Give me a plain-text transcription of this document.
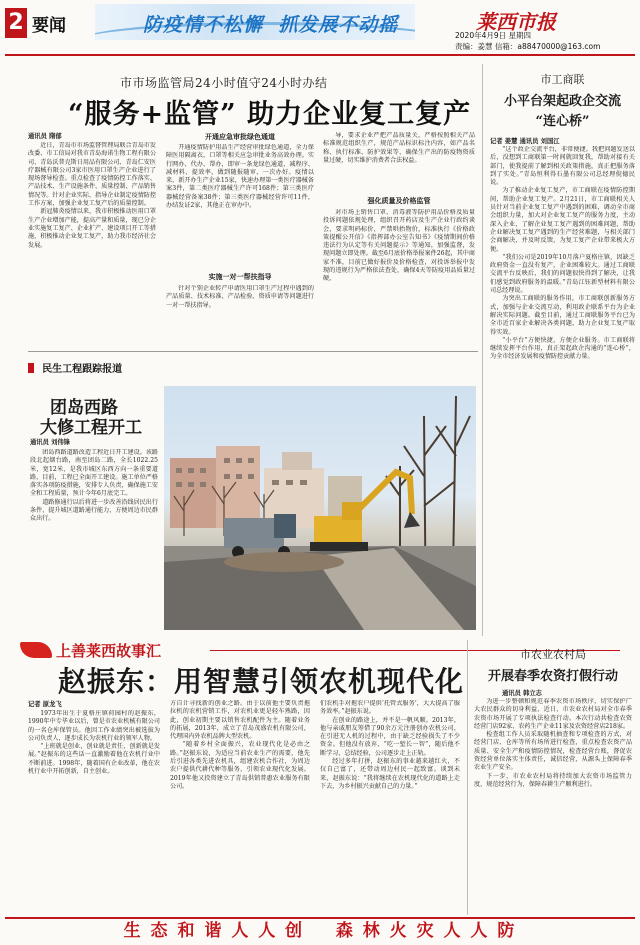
2 要闻	防疫情不松懈  抓发展不动摇	莱西市报
2020年4月9日 星期四
责编：姜慧 信箱：a88470000@163.com
市市场监管局24小时值守24小时办结
“服务+监管” 助力企业复工复产
通讯员 隋郁

近日，青岛市市场监督管理局联合青岛市发改委、市工信局对我市青岛海诺生物工程有限公司、青岛沃普克斯日用品有限公司、青岛仁安医疗器械有限公司3家市医用口罩生产企业进行了现场督导检查。重点检查了疫情防控工作落实、产品技术、生产设施条件、质量控制、产品销售情况等。针对企业实际，指导企业制定疫情防控工作方案，加强企业复工复产后的质量控制。

新冠肺炎疫情以来，我市积极推动医用口罩生产企业增加产能，提高产量和质量，现已分企业实施复工复产、企业扩产、建设项目开工等措施，积极推动企业复工复产，助力我市经济社会发展。

开通应急审批绿色通道

开通疫情防护用品生产经营审批绿色通道，全力保障医用隔离衣、口罩等相关应急审批业务高效办理。实行网办、代办、帮办，即审一条龙绿色通道，减程序、减材料、提效率，做到随报随审、一次办好。疫情以来，新开办生产企业15家，快速办理第一类医疗器械备案3件，第二类医疗器械生产许可168件；第三类医疗器械经营备案38件；第三类医疗器械经营许可11件，办结发证2家，其他正在审办中。

实施一对一帮扶指导

针对个别企业转产申请医用口罩生产过程中遇到的产品质量、技术标准、产品检验、资质申请等问题进行一对一帮扶指导。

导，要求企业严把产品质量关，严格按照相关产品标准规范组织生产，规范产品标识标注内容，如产品名称、执行标准、防护效果等，确保生产出的防疫物资质量过硬，切实维护消费者合法权益。

强化质量及价格监管

对市场上销售口罩、消毒液等防护用品价格及质量投诉问题依规处理，组织召开药店及生产企业行政约谈会，要求明码标价，严禁哄抬物价，标准执行《价格政策提醒公开信》《指挥部办公室告知书》《疫情期间价格违法行为认定等有关问题提示》等通知，加强监督，发现问题立即处理。截至6月底价格举报案件26起，其中商家不准，目前已做好报价及价格检查，对投诉举报中发现的违规行为严格依法查处，确保4天等防疫用品质量过硬，

市工商联
小平台架起政企交流
“连心桥”
记者 姜慧 通讯员 刘国江

“这个政企交流平台，非常便捷。我把问题发送以后，没想到工商联第一时间就回复我，帮助对接有关部门，使我提前了解到相关政策措施，真正把服务落到了实处。”青岛恒利得石墨有限公司总经理倪德民说。

为了推动企业复工复产，市工商联在疫情防控期间，帮助企业复工复产。2月21日，市工商联相关人员针对当前企业复工复产中遇到的困难，调动全市商会组织力量，加大对企业复工复产的服务力度，主动深入企业，了解企业复工复产遇到的困难问题，帮助企业解决复工复产遇到的生产经营难题，与相关部门会商解决，并及时反馈，为复工复产企业带来极大方便。

“我们公司是2019年10月落户夏格庄镇，因缺乏政府资金一直没有复产，企业困难较大。通过工商联交流平台反映后，我们的问题很快得到了解决，让我们感觉到政府服务的温暖。”青岛江钰新型材料有限公司总经理说。

为突出工商联的服务作用，市工商联创新服务方式，加强与企业交流互动，利用政企联系平台为企业解决实际问题。截至目前，通过工商联服务平台已为全市近百家企业解决各类问题，助力企业复工复产取得实效。

“小平台”方便快捷，方便企业服务。市工商联将继续发挥平台作用，真正架起政企沟通的“连心桥”，为全市经济发展和疫情防控贡献力量。

民生工程跟踪报道
团岛西路
大修工程开工
通讯员 刘伟锋

团岛西路道路改造工程近日开工建设。该路段北起烟台路，南至团岛二路，全长1022.25米，宽12米，是我市城区东西方向一条重要道路，目前，工程已全面开工建设。施工单位严格落实各项防疫措施，安排专人负责，确保施工安全和工程质量，预计今年6月底完工。

道路修通行以后将进一步改善沿线居民出行条件，提升城区道路通行能力，方便周边市民群众出行。

上善莱西故事汇
赵振东：用智慧引领农机现代化
记者 原龙飞

1973年出生于夏格庄镇荷园村的赵振东，1990年中专毕业以后，曾是市农业机械有限公司的一名仓库保管员。他因工作业绩突出被选拔为公司负责人，逐步成长为农机行业的领军人物。

“上班就是创业，创业就是责任，创新就是发展。”赵振东的这些话一直激励着他在农机行业中不断前进。1998年，随着国有企业改革，他在农机行业中开拓创新，自主创业。

方自计寻找新的创业之路。由于以前他主要负责拖拉机的农机营销工作，对农机业更是轻车熟路，因此，创业初期主要以销售农机配件为主。随着业务的拓展，2013年，成立了青岛茂盛农机有限公司，代理国内外农机品牌大型农机。

“随着乡村全面振兴，农业现代化是必由之路。”赵振东说，为适应当前农业生产的需要，他先后引进各类先进农机具，组建农机合作社，为周边农户提供代耕代种等服务，引领农业现代化发展。2019年他又投资建立了青岛供销普惠农业服务有限公司。

们农机手对拖农户提供‘托管式服务’，大大提高了服务效率。”赵振东说。

在创业的路途上，并不是一帆风顺。2013年，他与亲戚朋友筹借了90余万元注册创办农机公司，在引进无人机的过程中，由于缺乏经验损失了不少资金。但他没有放弃，“吃一堑长一智”，随后他不断学习、总结经验，公司逐步走上正轨。

经过多年打拼，赵振东的事业越来越红火，不仅自己富了，还带动周边村民一起致富。谈到未来，赵振东说：“我将继续在农机现代化的道路上走下去，为乡村振兴贡献自己的力量。”

市农业农村局
开展春季农资打假行动
通讯员 韩立志

为进一步整顿和规范春季农资市场秩序，切实保护广大农民群众的切身利益，近日，市农业农村局对全市春季农资市场开展了专项执法检查行动。本次行动共检查农资经营门店92家、农药生产企业11家及农资经营店218家。

检查组工作人员采取随机抽查和专项检查的方式，对经营门店、仓库等所有场所进行检查，重点检查农资产品质量、安全生产和疫情防控情况，检查经营台账，督促农资经营单位落实主体责任，诚信经营，从源头上保障春季农业生产安全。

下一步，市农业农村局将持续加大农资市场监管力度，规范经营行为，保障春耕生产顺利进行。

生 态 和 谐 人 人 创    森 林 火 灾 人 人 防
